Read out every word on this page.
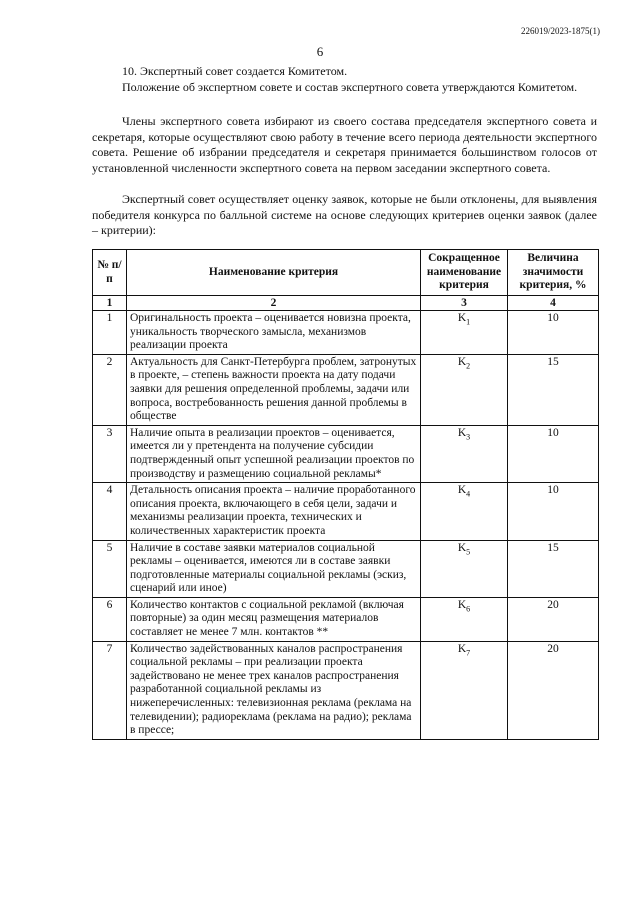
226019/2023-1875(1)
6

10. Экспертный совет создается Комитетом.

Положение об экспертном совете и состав экспертного совета утверждаются Комитетом.

Члены экспертного совета избирают из своего состава председателя экспертного совета и секретаря, которые осуществляют свою работу в течение всего периода деятельности экспертного совета. Решение об избрании председателя и секретаря принимается большинством голосов от установленной численности экспертного совета на первом заседании экспертного совета.

Экспертный совет осуществляет оценку заявок, которые не были отклонены, для выявления победителя конкурса по балльной системе на основе следующих критериев оценки заявок (далее – критерии):

№ п/п	Наименование критерия	Сокращенное наименование критерия	Величина значимости критерия, %
1	2	3	4
1	Оригинальность проекта – оценивается новизна проекта, уникальность творческого замысла, механизмов реализации проекта	$K_1$	10
2	Актуальность для Санкт-Петербурга проблем, затронутых в проекте, – степень важности проекта на дату подачи заявки для решения определенной проблемы, задачи или вопроса, востребованность решения данной проблемы в обществе	$K_2$	15
3	Наличие опыта в реализации проектов – оценивается, имеется ли у претендента на получение субсидии подтвержденный опыт успешной реализации проектов по производству и размещению социальной рекламы*	$K_3$	10
4	Детальность описания проекта – наличие проработанного описания проекта, включающего в себя цели, задачи и механизмы реализации проекта, технических и количественных характеристик проекта	$K_4$	10
5	Наличие в составе заявки материалов социальной рекламы – оценивается, имеются ли в составе заявки подготовленные материалы социальной рекламы (эскиз, сценарий или иное)	$K_5$	15
6	Количество контактов с социальной рекламой (включая повторные) за один месяц размещения материалов составляет не менее 7 млн. контактов **	$K_6$	20
7	Количество задействованных каналов распространения социальной рекламы – при реализации проекта задействовано не менее трех каналов распространения разработанной социальной рекламы из нижеперечисленных: телевизионная реклама (реклама на телевидении); радиореклама (реклама на радио); реклама в прессе;	$K_7$	20
